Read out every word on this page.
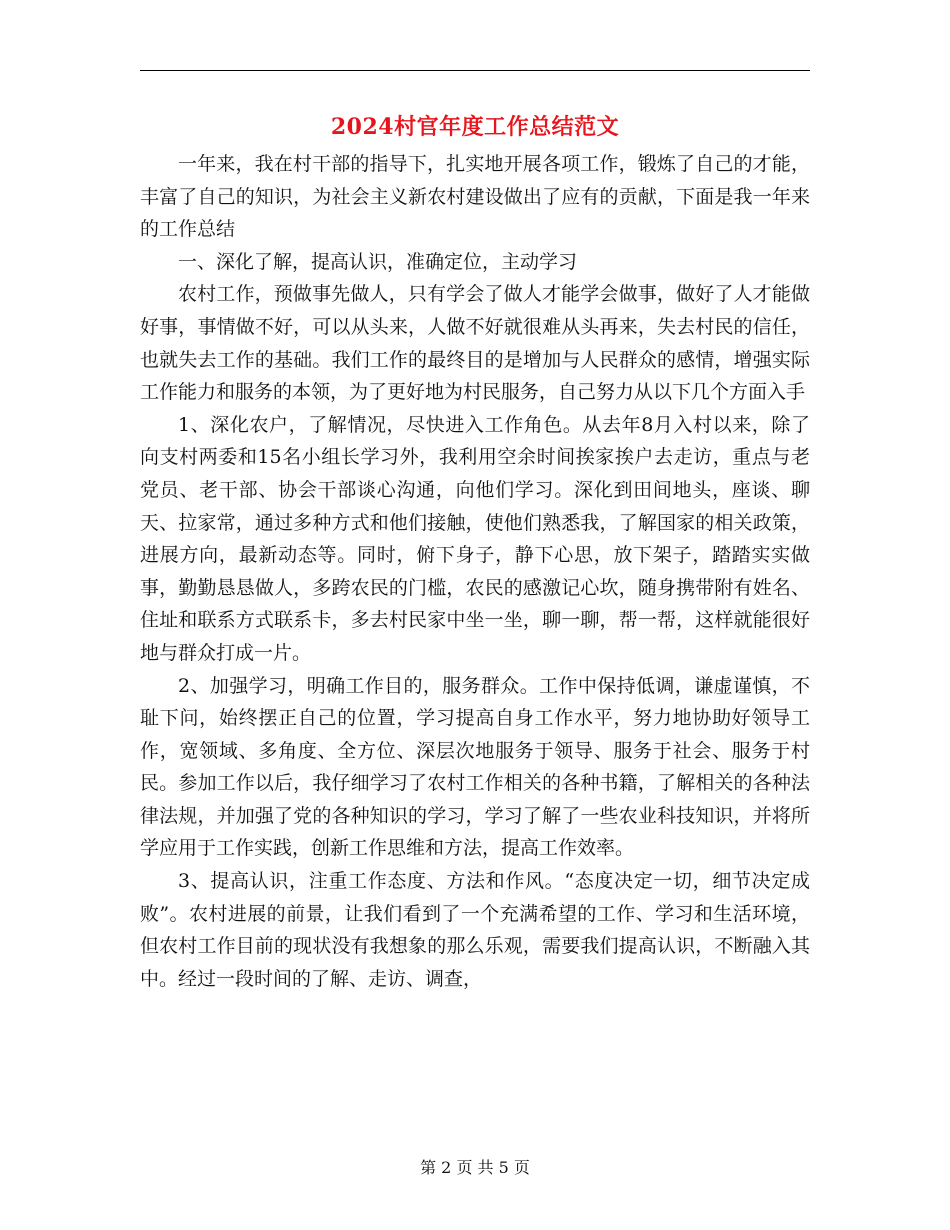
2024村官年度工作总结范文

一年来，我在村干部的指导下，扎实地开展各项工作，锻炼了自己的才能，丰富了自己的知识，为社会主义新农村建设做出了应有的贡献，下面是我一年来的工作总结

一、深化了解，提高认识，准确定位，主动学习

农村工作，预做事先做人，只有学会了做人才能学会做事，做好了人才能做好事，事情做不好，可以从头来，人做不好就很难从头再来，失去村民的信任，也就失去工作的基础。我们工作的最终目的是增加与人民群众的感情，增强实际工作能力和服务的本领，为了更好地为村民服务，自己努力从以下几个方面入手

1、深化农户，了解情况，尽快进入工作角色。从去年8月入村以来，除了向支村两委和15名小组长学习外，我利用空余时间挨家挨户去走访，重点与老党员、老干部、协会干部谈心沟通，向他们学习。深化到田间地头，座谈、聊天、拉家常，通过多种方式和他们接触，使他们熟悉我，了解国家的相关政策，进展方向，最新动态等。同时，俯下身子，静下心思，放下架子，踏踏实实做事，勤勤恳恳做人，多跨农民的门槛，农民的感激记心坎，随身携带附有姓名、住址和联系方式联系卡，多去村民家中坐一坐，聊一聊，帮一帮，这样就能很好地与群众打成一片。

2、加强学习，明确工作目的，服务群众。工作中保持低调，谦虚谨慎，不耻下问，始终摆正自己的位置，学习提高自身工作水平，努力地协助好领导工作，宽领域、多角度、全方位、深层次地服务于领导、服务于社会、服务于村民。参加工作以后，我仔细学习了农村工作相关的各种书籍，了解相关的各种法律法规，并加强了党的各种知识的学习，学习了解了一些农业科技知识，并将所学应用于工作实践，创新工作思维和方法，提高工作效率。

3、提高认识，注重工作态度、方法和作风。“态度决定一切，细节决定成败”。农村进展的前景，让我们看到了一个充满希望的工作、学习和生活环境，但农村工作目前的现状没有我想象的那么乐观，需要我们提高认识，不断融入其中。经过一段时间的了解、走访、调查，

第 2 页 共 5 页
